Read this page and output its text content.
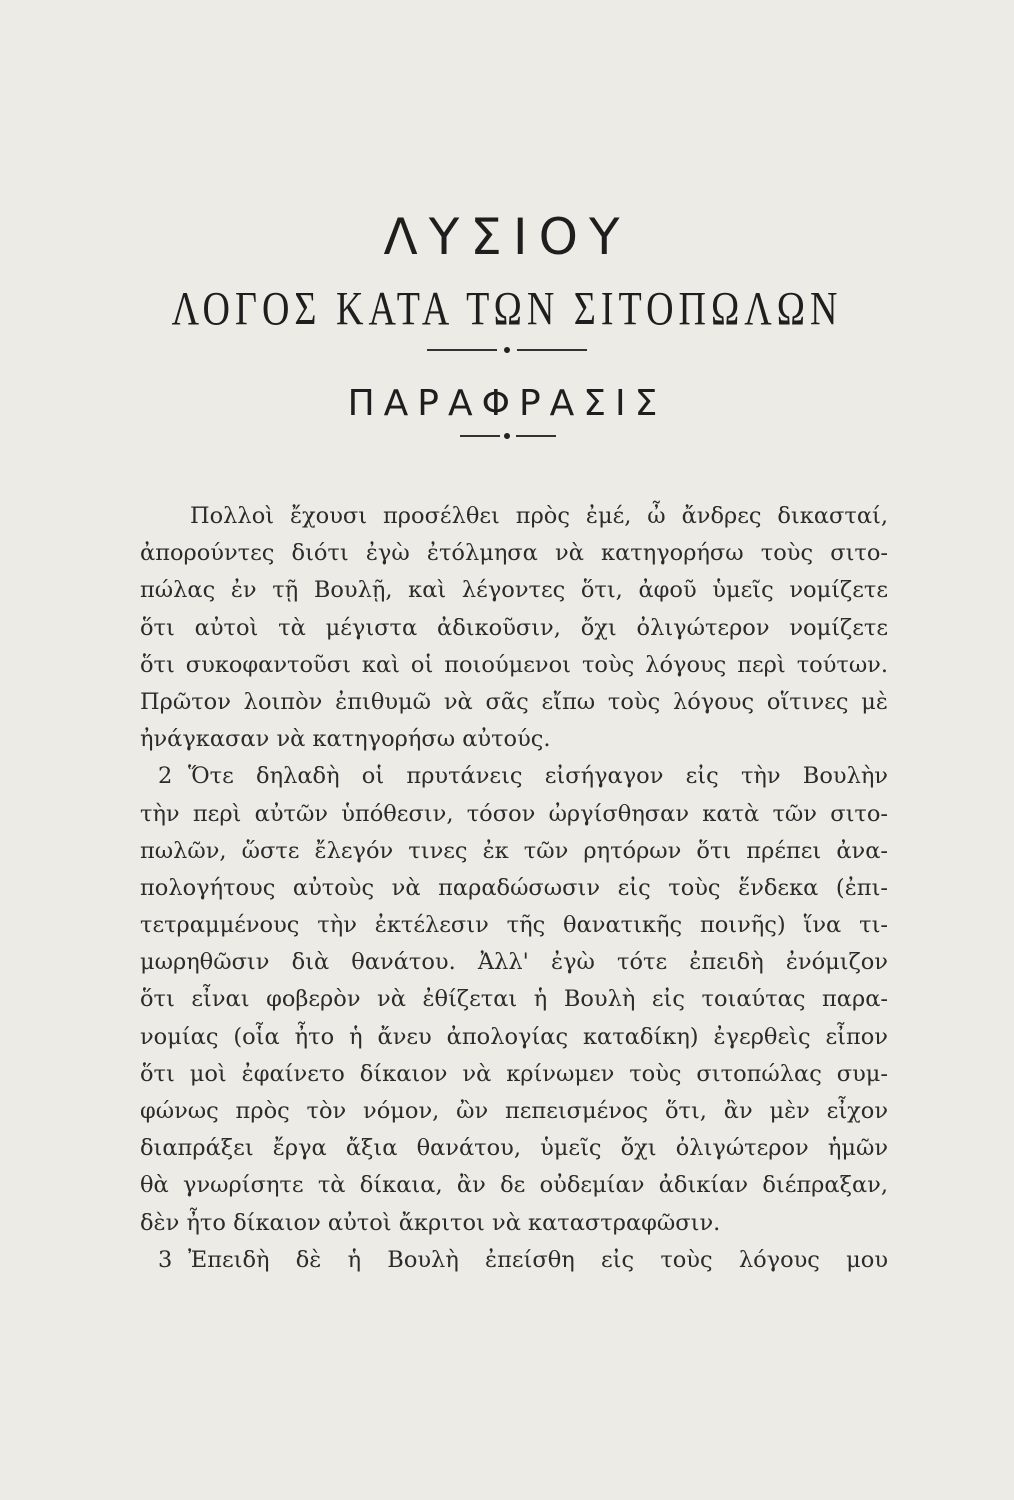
ΛΥΣΙΟΥ
ΛΟΓΟΣ ΚΑΤΑ ΤΩΝ ΣΙΤΟΠΩΛΩΝ
ΠΑΡΑΦΡΑΣΙΣ
Πολλοὶ ἔχουσι προσέλθει πρὸς ἐμέ, ὦ ἄνδρες δικασταί,
ἀπορούντες διότι ἐγὼ ἐτόλμησα νὰ κατηγορήσω τοὺς σιτο-
πώλας ἐν τῇ Βουλῇ, καὶ λέγοντες ὅτι, ἀφοῦ ὑμεῖς νομίζετε
ὅτι αὐτοὶ τὰ μέγιστα ἀδικοῦσιν, ὄχι ὀλιγώτερον νομίζετε
ὅτι συκοφαντοῦσι καὶ οἱ ποιούμενοι τοὺς λόγους περὶ τούτων.
Πρῶτον λοιπὸν ἐπιθυμῶ νὰ σᾶς εἴπω τοὺς λόγους οἵτινες μὲ
ἠνάγκασαν νὰ κατηγορήσω αὐτούς.
2 Ὅτε δηλαδὴ οἱ πρυτάνεις εἰσήγαγον εἰς τὴν Βουλὴν
τὴν περὶ αὐτῶν ὑπόθεσιν, τόσον ὠργίσθησαν κατὰ τῶν σιτο-
πωλῶν, ὥστε ἔλεγόν τινες ἐκ τῶν ρητόρων ὅτι πρέπει ἀνα-
πολογήτους αὐτοὺς νὰ παραδώσωσιν εἰς τοὺς ἕνδεκα (ἐπι-
τετραμμένους τὴν ἐκτέλεσιν τῆς θανατικῆς ποινῆς) ἵνα τι-
μωρηθῶσιν διὰ θανάτου. Ἀλλ' ἐγὼ τότε ἐπειδὴ ἐνόμιζον
ὅτι εἶναι φοβερὸν νὰ ἐθίζεται ἡ Βουλὴ εἰς τοιαύτας παρα-
νομίας (οἷα ἦτο ἡ ἄνευ ἀπολογίας καταδίκη) ἐγερθεὶς εἶπον
ὅτι μοὶ ἐφαίνετο δίκαιον νὰ κρίνωμεν τοὺς σιτοπώλας συμ-
φώνως πρὸς τὸν νόμον, ὢν πεπεισμένος ὅτι, ἂν μὲν εἶχον
διαπράξει ἔργα ἄξια θανάτου, ὑμεῖς ὄχι ὀλιγώτερον ἡμῶν
θὰ γνωρίσητε τὰ δίκαια, ἂν δε οὐδεμίαν ἀδικίαν διέπραξαν,
δὲν ἦτο δίκαιον αὐτοὶ ἄκριτοι νὰ καταστραφῶσιν.
3 Ἐπειδὴ δὲ ἡ Βουλὴ ἐπείσθη εἰς τοὺς λόγους μου
